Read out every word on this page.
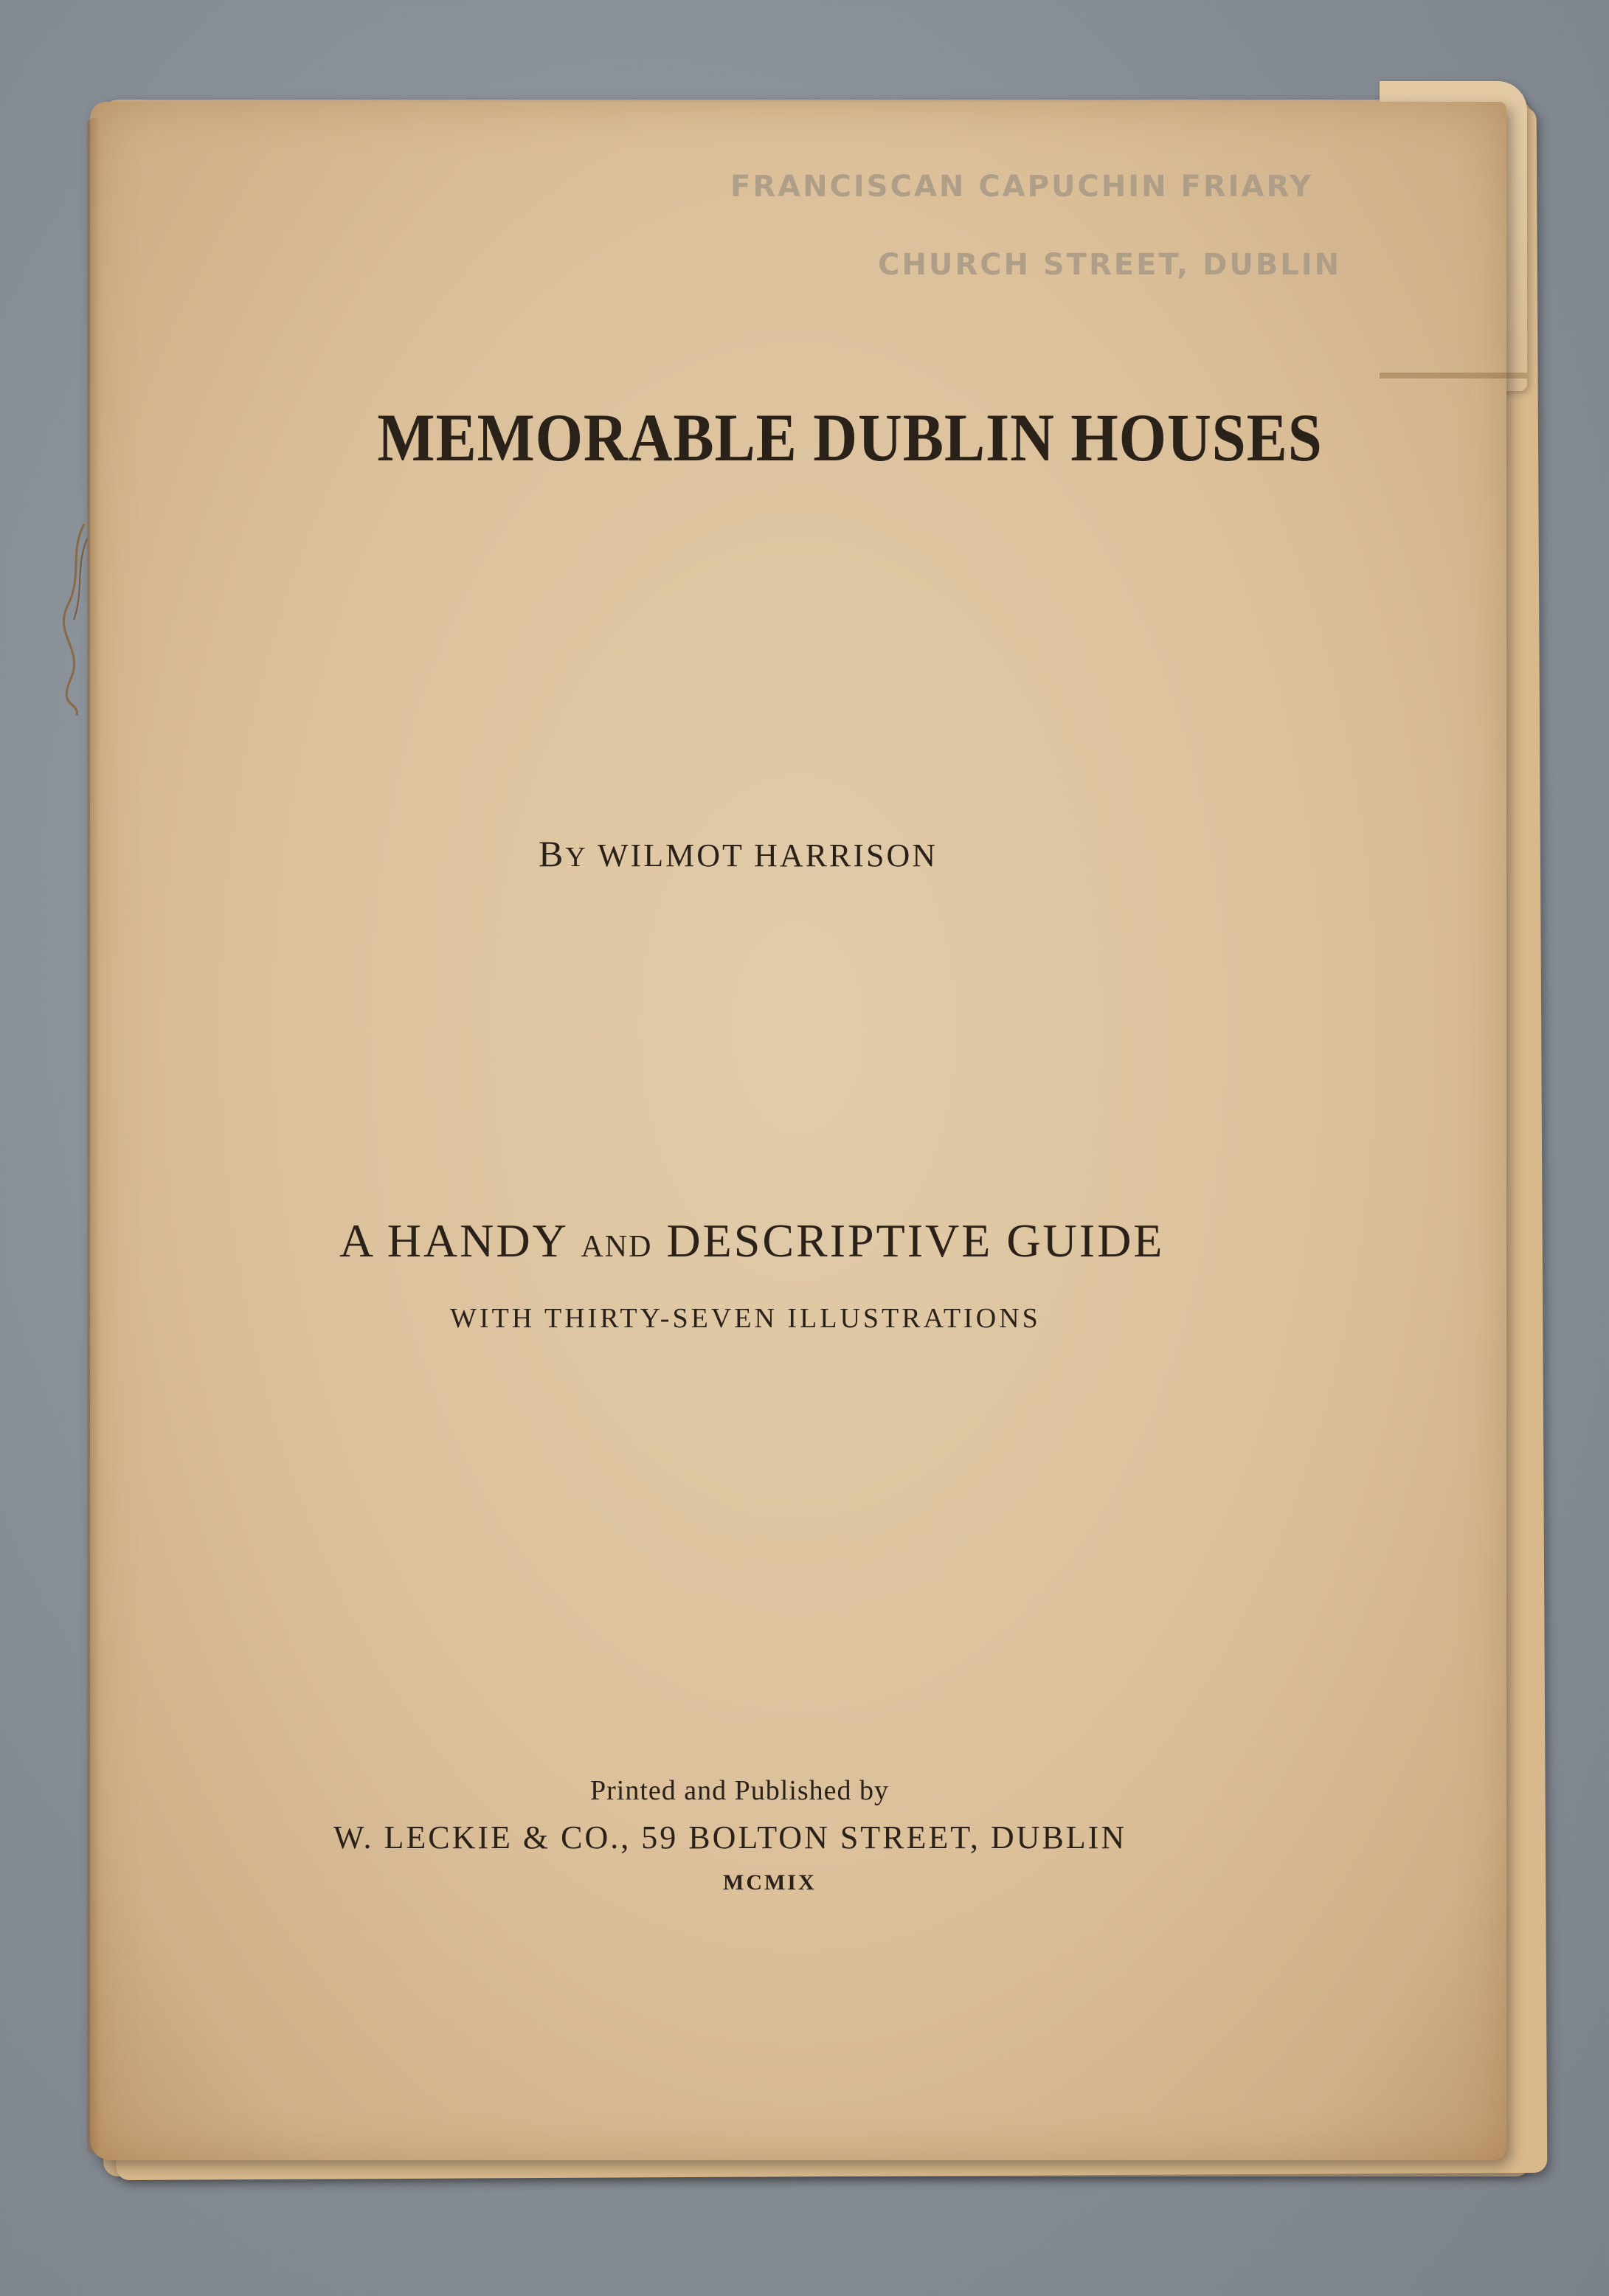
FRANCISCAN CAPUCHIN FRIARY
CHURCH STREET, DUBLIN
MEMORABLE DUBLIN HOUSES
BY WILMOT HARRISON
A HANDY AND DESCRIPTIVE GUIDE
WITH THIRTY-SEVEN ILLUSTRATIONS
Printed and Published by
W. LECKIE & CO., 59 BOLTON STREET, DUBLIN
MCMIX
